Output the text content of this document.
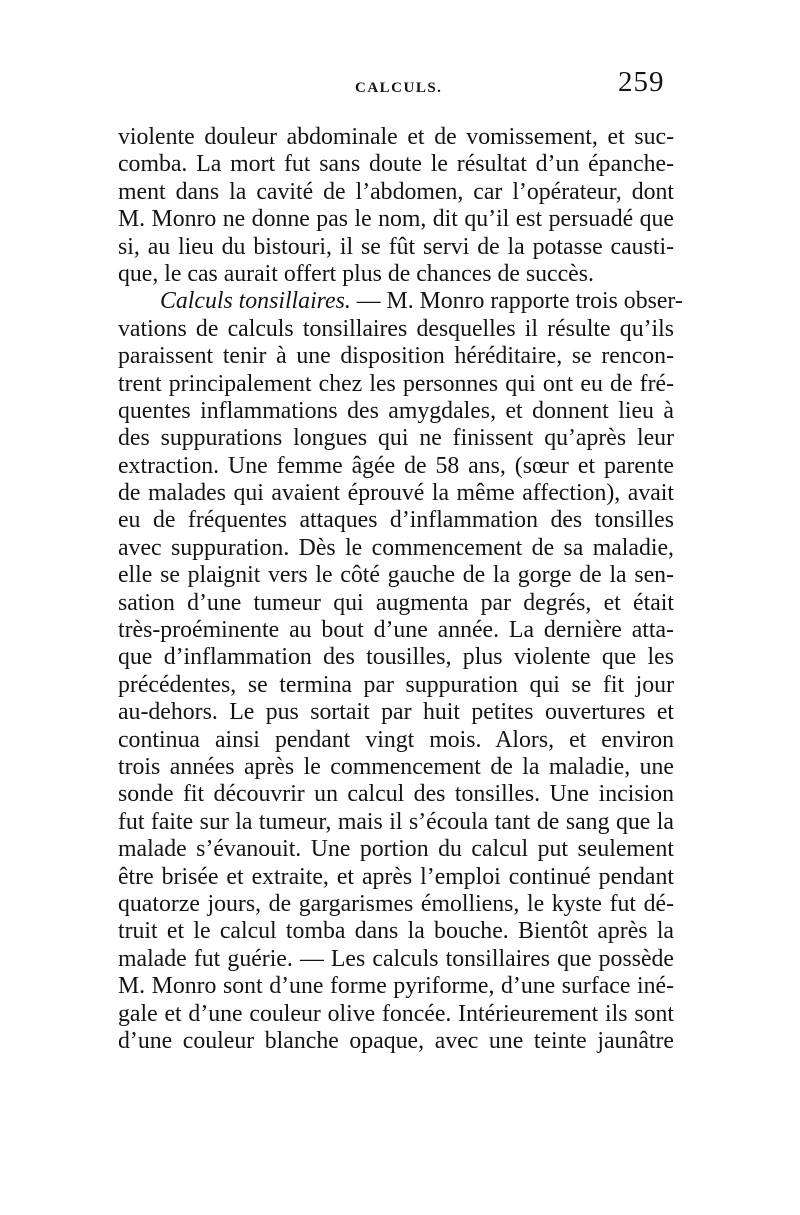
CALCULS.	259
violente douleur abdominale et de vomissement, et suc-
comba. La mort fut sans doute le résultat d’un épanche-
ment dans la cavité de l’abdomen, car l’opérateur, dont
M. Monro ne donne pas le nom, dit qu’il est persuadé que
si, au lieu du bistouri, il se fût servi de la potasse causti-
que, le cas aurait offert plus de chances de succès.
Calculs tonsillaires. — M. Monro rapporte trois obser-
vations de calculs tonsillaires desquelles il résulte qu’ils
paraissent tenir à une disposition héréditaire, se rencon-
trent principalement chez les personnes qui ont eu de fré-
quentes inflammations des amygdales, et donnent lieu à
des suppurations longues qui ne finissent qu’après leur
extraction. Une femme âgée de 58 ans, (sœur et parente
de malades qui avaient éprouvé la même affection), avait
eu de fréquentes attaques d’inflammation des tonsilles
avec suppuration. Dès le commencement de sa maladie,
elle se plaignit vers le côté gauche de la gorge de la sen-
sation d’une tumeur qui augmenta par degrés, et était
très-proéminente au bout d’une année. La dernière atta-
que d’inflammation des tousilles, plus violente que les
précédentes, se termina par suppuration qui se fit jour
au-dehors. Le pus sortait par huit petites ouvertures et
continua ainsi pendant vingt mois. Alors, et environ
trois années après le commencement de la maladie, une
sonde fit découvrir un calcul des tonsilles. Une incision
fut faite sur la tumeur, mais il s’écoula tant de sang que la
malade s’évanouit. Une portion du calcul put seulement
être brisée et extraite, et après l’emploi continué pendant
quatorze jours, de gargarismes émolliens, le kyste fut dé-
truit et le calcul tomba dans la bouche. Bientôt après la
malade fut guérie. — Les calculs tonsillaires que possède
M. Monro sont d’une forme pyriforme, d’une surface iné-
gale et d’une couleur olive foncée. Intérieurement ils sont
d’une couleur blanche opaque, avec une teinte jaunâtre
